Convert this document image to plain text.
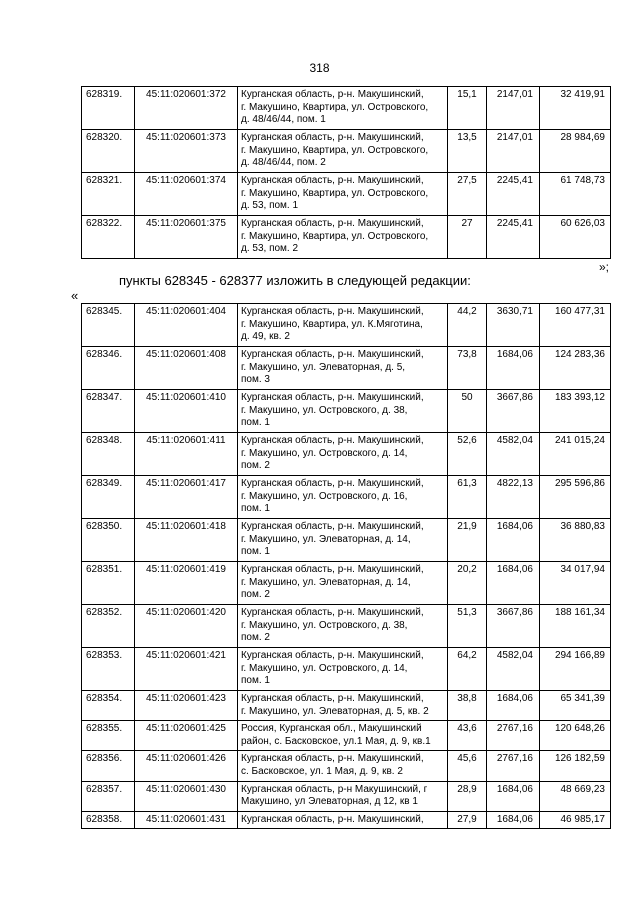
318
628319.	45:11:020601:372	Курганская область, р-н. Макушинский,
г. Макушино, Квартира, ул. Островского,
д. 48/46/44, пом. 1	15,1	2147,01	32 419,91
628320.	45:11:020601:373	Курганская область, р-н. Макушинский,
г. Макушино, Квартира, ул. Островского,
д. 48/46/44, пом. 2	13,5	2147,01	28 984,69
628321.	45:11:020601:374	Курганская область, р-н. Макушинский,
г. Макушино, Квартира, ул. Островского,
д. 53, пом. 1	27,5	2245,41	61 748,73
628322.	45:11:020601:375	Курганская область, р-н. Макушинский,
г. Макушино, Квартира, ул. Островского,
д. 53, пом. 2	27	2245,41	60 626,03
»;
пункты 628345 - 628377 изложить в следующей редакции:
«
628345.	45:11:020601:404	Курганская область, р-н. Макушинский,
г. Макушино, Квартира, ул. К.Мяготина,
д. 49, кв. 2	44,2	3630,71	160 477,31
628346.	45:11:020601:408	Курганская область, р-н. Макушинский,
г. Макушино, ул. Элеваторная, д. 5,
пом. 3	73,8	1684,06	124 283,36
628347.	45:11:020601:410	Курганская область, р-н. Макушинский,
г. Макушино, ул. Островского, д. 38,
пом. 1	50	3667,86	183 393,12
628348.	45:11:020601:411	Курганская область, р-н. Макушинский,
г. Макушино, ул. Островского, д. 14,
пом. 2	52,6	4582,04	241 015,24
628349.	45:11:020601:417	Курганская область, р-н. Макушинский,
г. Макушино, ул. Островского, д. 16,
пом. 1	61,3	4822,13	295 596,86
628350.	45:11:020601:418	Курганская область, р-н. Макушинский,
г. Макушино, ул. Элеваторная, д. 14,
пом. 1	21,9	1684,06	36 880,83
628351.	45:11:020601:419	Курганская область, р-н. Макушинский,
г. Макушино, ул. Элеваторная, д. 14,
пом. 2	20,2	1684,06	34 017,94
628352.	45:11:020601:420	Курганская область, р-н. Макушинский,
г. Макушино, ул. Островского, д. 38,
пом. 2	51,3	3667,86	188 161,34
628353.	45:11:020601:421	Курганская область, р-н. Макушинский,
г. Макушино, ул. Островского, д. 14,
пом. 1	64,2	4582,04	294 166,89
628354.	45:11:020601:423	Курганская область, р-н. Макушинский,
г. Макушино, ул. Элеваторная, д. 5, кв. 2	38,8	1684,06	65 341,39
628355.	45:11:020601:425	Россия, Курганская обл., Макушинский
район, с. Басковское, ул.1 Мая, д. 9, кв.1	43,6	2767,16	120 648,26
628356.	45:11:020601:426	Курганская область, р-н. Макушинский,
с. Басковское, ул. 1 Мая, д. 9, кв. 2	45,6	2767,16	126 182,59
628357.	45:11:020601:430	Курганская область, р-н Макушинский, г
Макушино, ул Элеваторная, д 12, кв 1	28,9	1684,06	48 669,23
628358.	45:11:020601:431	Курганская область, р-н. Макушинский,	27,9	1684,06	46 985,17
